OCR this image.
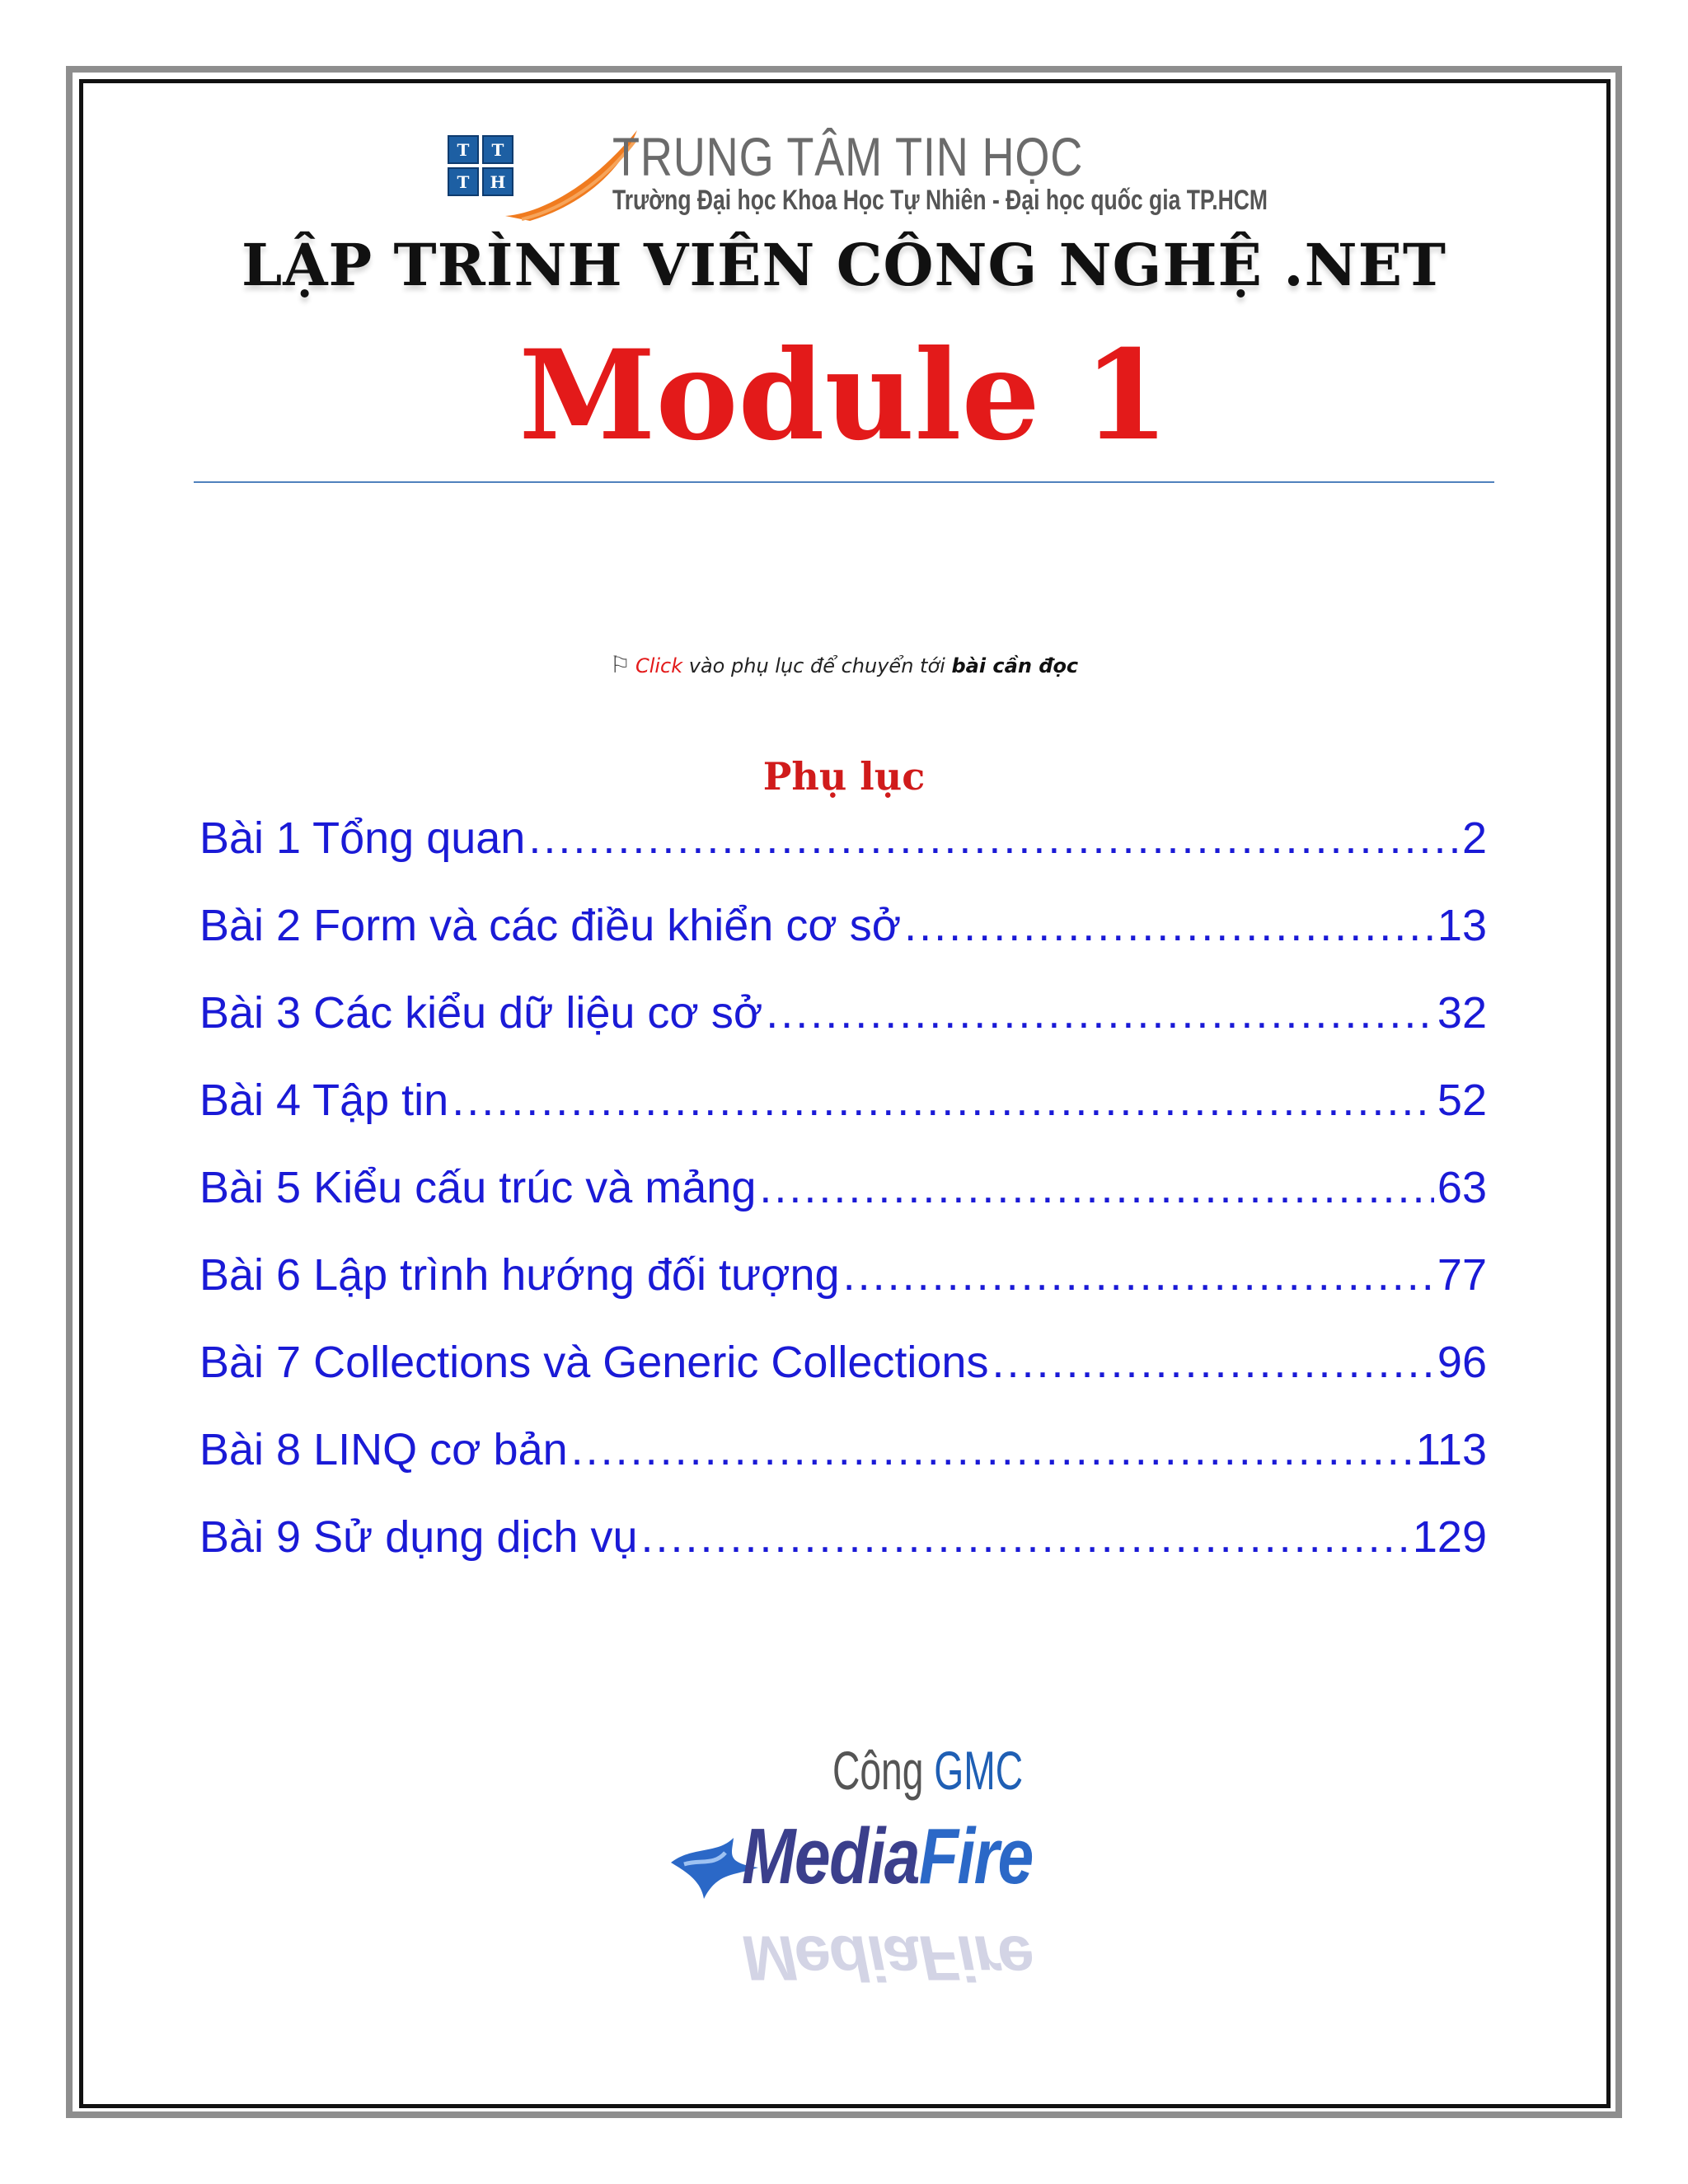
T	T
T	H TRUNG TÂM TIN HỌC
Trường Đại học Khoa Học Tự Nhiên - Đại học quốc gia TP.HCM
LẬP TRÌNH VIÊN CÔNG NGHỆ .NET
Module 1
⚐ Click vào phụ lục để chuyển tới bài cần đọc
Phụ lục
Bài 1 Tổng quan .....	2
Bài 2 Form và các điều khiển cơ sở .....	13
Bài 3 Các kiểu dữ liệu cơ sở .....	32
Bài 4 Tập tin .....	52
Bài 5 Kiểu cấu trúc và mảng .....	63
Bài 6 Lập trình hướng đối tượng .....	77
Bài 7 Collections và Generic Collections .....	96
Bài 8 LINQ cơ bản .....	113
Bài 9 Sử dụng dịch vụ .....	129
Công GMC
MediaFire
MediaFire
